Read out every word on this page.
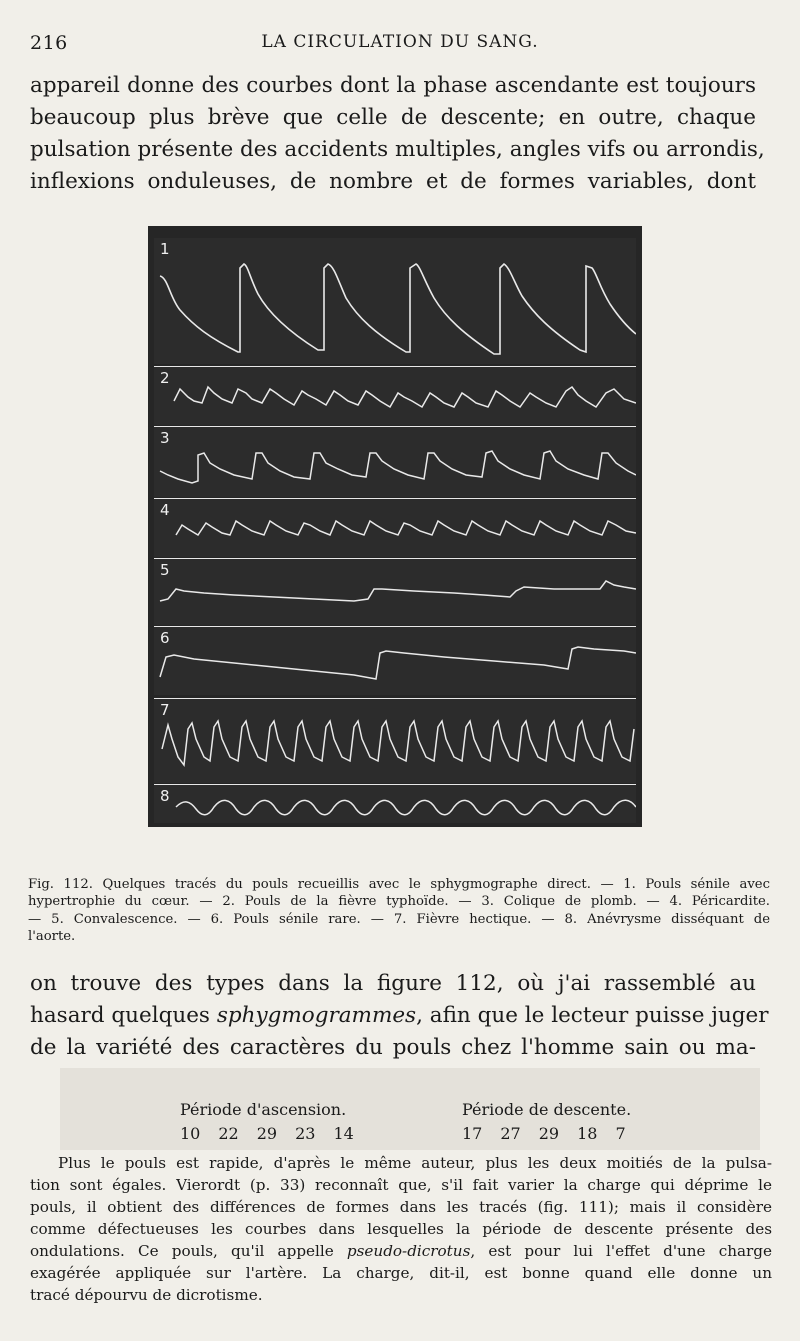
216	LA CIRCULATION DU SANG.

appareil donne des courbes dont la phase ascendante est toujours
beaucoup plus brève que celle de descente; en outre, chaque
pulsation présente des accidents multiples, angles vifs ou arrondis,
inflexions onduleuses, de nombre et de formes variables, dont

1
2
3
4
5
6
7
8

Fig. 112. Quelques tracés du pouls recueillis avec le sphygmographe direct. — 1. Pouls sénile avec
hypertrophie du cœur. — 2. Pouls de la fièvre typhoïde. — 3. Colique de plomb. — 4. Péricardite.
— 5. Convalescence. — 6. Pouls sénile rare. — 7. Fièvre hectique. — 8. Anévrysme disséquant de
l'aorte.

on trouve des types dans la figure 112, où j'ai rassemblé au
hasard quelques sphygmogrammes, afin que le lecteur puisse juger
de la variété des caractères du pouls chez l'homme sain ou ma-

Période d'ascension.
10 22 29 23 14
Période de descente.
17 27 29 18 7

Plus le pouls est rapide, d'après le même auteur, plus les deux moitiés de la pulsa-
tion sont égales. Vierordt (p. 33) reconnaît que, s'il fait varier la charge qui déprime le
pouls, il obtient des différences de formes dans les tracés (fig. 111); mais il considère
comme défectueuses les courbes dans lesquelles la période de descente présente des
ondulations. Ce pouls, qu'il appelle pseudo-dicrotus, est pour lui l'effet d'une charge
exagérée appliquée sur l'artère. La charge, dit-il, est bonne quand elle donne un
tracé dépourvu de dicrotisme.
